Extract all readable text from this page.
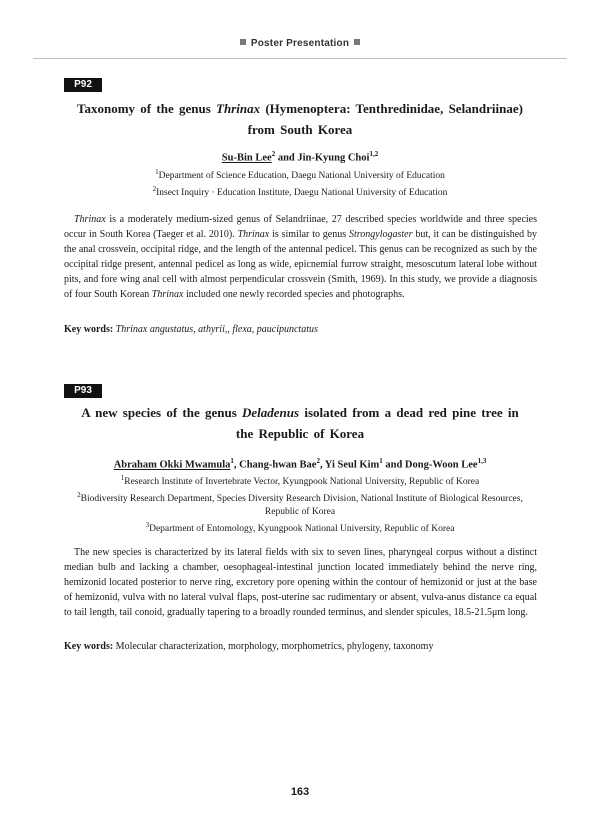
Poster Presentation
P92
Taxonomy of the genus Thrinax (Hymenoptera: Tenthredinidae, Selandriinae)
from South Korea
Su-Bin Lee$^2$ and Jin-Kyung Choi$^{1,2}$
$^1$Department of Science Education, Daegu National University of Education
$^2$Insect Inquiry · Education Institute, Daegu National University of Education
Thrinax is a moderately medium-sized genus of Selandriinae, 27 described species worldwide and three species occur in South Korea (Taeger et al. 2010). Thrinax is similar to genus Strongylogaster but, it can be distinguished by the anal crossvein, occipital ridge, and the length of the antennal pedicel. This genus can be recognized as such by the occipital ridge present, antennal pedicel as long as wide, epicnemial furrow straight, mesoscutum lateral lobe without pits, and fore wing anal cell with almost perpendicular crossvein (Smith, 1969). In this study, we provide a diagnosis of four South Korean Thrinax included one newly recorded species and photographs.
Key words: Thrinax angustatus, athyrii,, flexa, paucipunctatus
P93
A new species of the genus Deladenus isolated from a dead red pine tree in
the Republic of Korea
Abraham Okki Mwamula$^1$, Chang-hwan Bae$^2$, Yi Seul Kim$^1$ and Dong-Woon Lee$^{1,3}$
$^1$Research Institute of Invertebrate Vector, Kyungpook National University, Republic of Korea
$^2$Biodiversity Research Department, Species Diversity Research Division, National Institute of Biological Resources,
Republic of Korea
$^3$Department of Entomology, Kyungpook National University, Republic of Korea
The new species is characterized by its lateral fields with six to seven lines, pharyngeal corpus without a distinct median bulb and lacking a chamber, oesophageal-intestinal junction located immediately behind the nerve ring, hemizonid located posterior to nerve ring, excretory pore opening within the contour of hemizonid or just at the base of hemizonid, vulva with no lateral vulval flaps, post-uterine sac rudimentary or absent, vulva-anus distance ca equal to tail length, tail conoid, gradually tapering to a broadly rounded terminus, and slender spicules, 18.5-21.5μm long.
Key words: Molecular characterization, morphology, morphometrics, phylogeny, taxonomy
163
